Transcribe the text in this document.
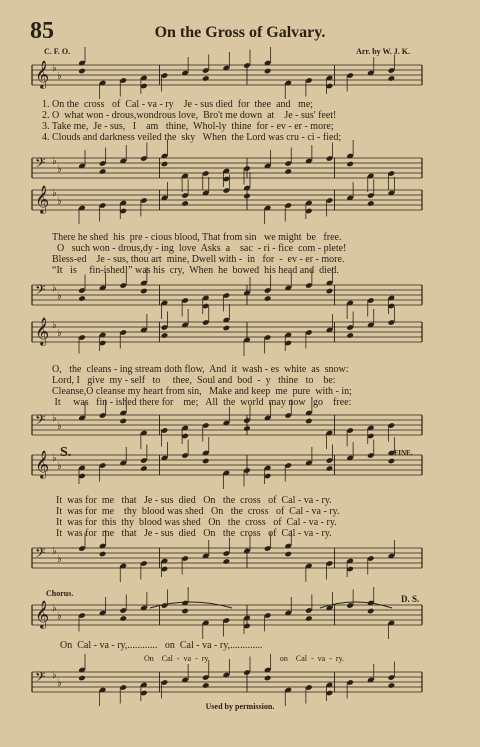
85	On the Gross of Galvary.
C. F. O.	Arr. by W. J. K.
𝄞 ♭
♭
𝄢 ♭
♭
𝄞 ♭
♭
𝄢 ♭
♭
𝄞 ♭
♭
𝄢 ♭
♭
𝄞 ♭
♭
𝄢 ♭
♭
𝄞 ♭
♭
𝄢 ♭
♭
1. On the  cross   of  Cal - va - ry    Je - sus died  for  thee  and   me;
2. O  what won - drous,wondrous love,  Bro't me down  at    Je - sus' feet!
3. Take me,  Je - sus,   I    am   thine,  Whol-ly  thine  for - ev - er - more;
4. Clouds and darkness veiled the  sky   When  the Lord was cru - ci - fied;
There he shed  his  pre - cious blood, That from sin   we might  be   free.
O   such won - drous,dy - ing  love  Asks  a    sac  - ri - fice  com - plete!
Bless-ed    Je - sus, thou art  mine, Dwell with -  in   for  -  ev - er - more.
“It   is     fin-ished!” was his  cry,  When  he  bowed  his head and  died.
O,   the  cleans - ing stream doth flow,  And  it  wash - es  white  as  snow:
Lord, I   give  my - self   to     thee,  Soul and  bod  -  y   thine   to    be:
Cleanse,O cleanse my heart from sin,   Make and keep  me  pure  with - in;
It     was   fin - ished there for    me;   All  the  world  may now   go    free:
It  was for  me   that   Je - sus  died   On   the  cross   of  Cal - va - ry.
It  was for  me    thy  blood was shed   On   the  cross   of  Cal - va - ry.
It  was for  this  thy  blood was shed   On   the  cross   of  Cal - va - ry.
It  was for  me   that   Je - sus  died   On   the  cross   of  Cal - va - ry.
S.	FINE.
Chorus.
D. S.
On  Cal - va - ry,............   on  Cal - va - ry,.............
On    Cal  -  va  -  ry,                                   on    Cal  -  va  -  ry.
Used by permission.
